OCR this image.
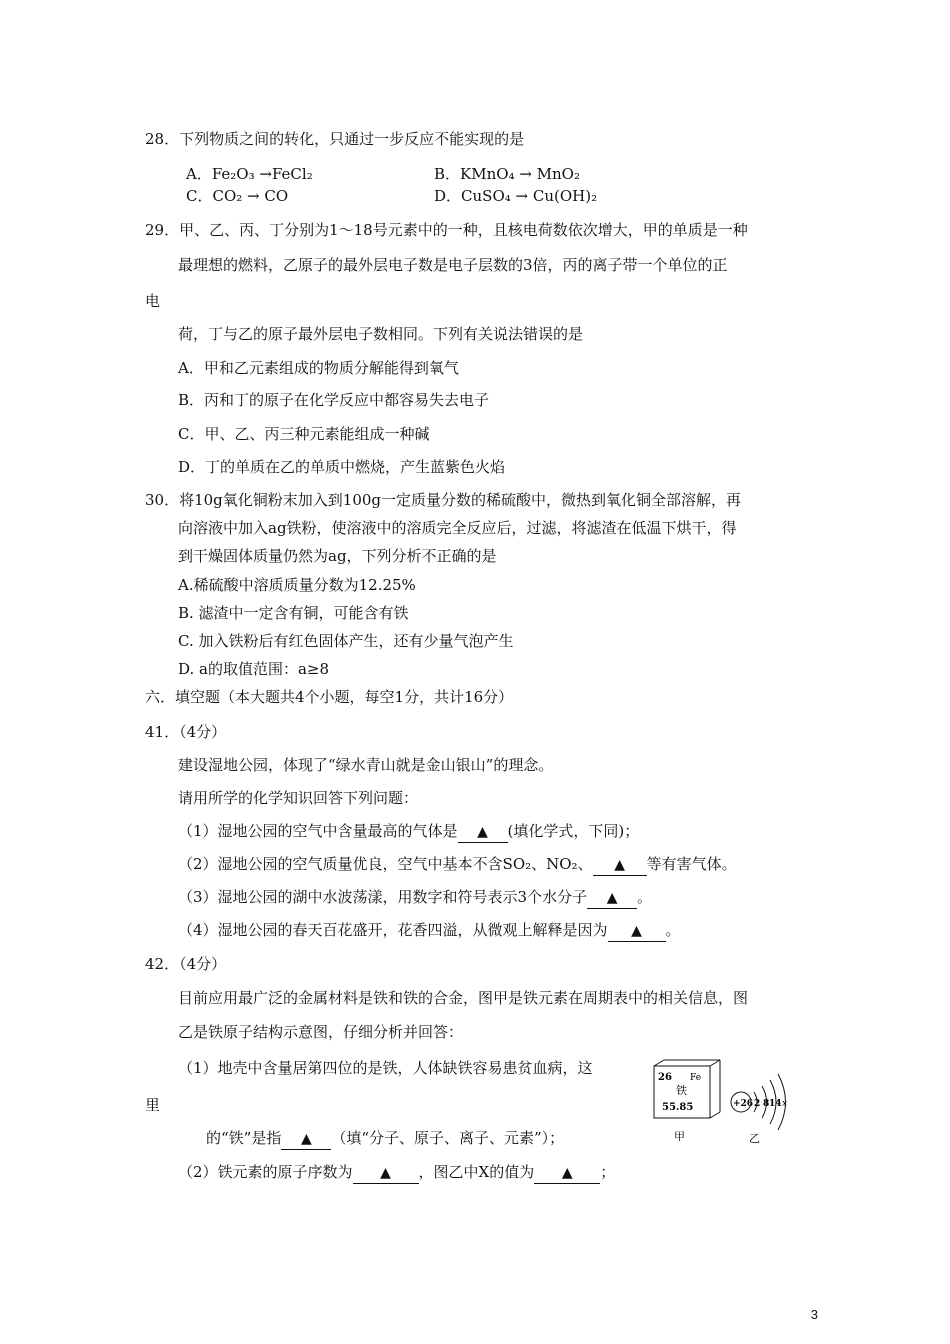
28．下列物质之间的转化，只通过一步反应不能实现的是
A．Fe₂O₃ →FeCl₂	B．KMnO₄ → MnO₂
C．CO₂ → CO	D．CuSO₄ → Cu(OH)₂
29．甲、乙、丙、丁分别为1～18号元素中的一种，且核电荷数依次增大，甲的单质是一种
最理想的燃料，乙原子的最外层电子数是电子层数的3倍，丙的离子带一个单位的正
电
荷，丁与乙的原子最外层电子数相同。下列有关说法错误的是
A．甲和乙元素组成的物质分解能得到氧气
B．丙和丁的原子在化学反应中都容易失去电子
C．甲、乙、丙三种元素能组成一种碱
D．丁的单质在乙的单质中燃烧，产生蓝紫色火焰
30．将10g氧化铜粉末加入到100g一定质量分数的稀硫酸中，微热到氧化铜全部溶解，再
向溶液中加入ag铁粉，使溶液中的溶质完全反应后，过滤，将滤渣在低温下烘干，得
到干燥固体质量仍然为ag，下列分析不正确的是
A.稀硫酸中溶质质量分数为12.25%
B. 滤渣中一定含有铜，可能含有铁
C. 加入铁粉后有红色固体产生，还有少量气泡产生
D. a的取值范围：a≥8
六．填空题（本大题共4个小题，每空1分，共计16分）
41．（4分）
建设湿地公园，体现了“绿水青山就是金山银山”的理念。
请用所学的化学知识回答下列问题：
（1）湿地公园的空气中含量最高的气体是 ▲ (填化学式，下同)；
（2）湿地公园的空气质量优良，空气中基本不含SO₂、NO₂、 ▲ 等有害气体。
（3）湿地公园的湖中水波荡漾，用数字和符号表示3个水分子 ▲ 。
（4）湿地公园的春天百花盛开，花香四溢，从微观上解释是因为 ▲ 。
42．（4分）
目前应用最广泛的金属材料是铁和铁的合金，图甲是铁元素在周期表中的相关信息，图
乙是铁原子结构示意图，仔细分析并回答：
（1）地壳中含量居第四位的是铁，人体缺铁容易患贫血病，这
里
的“铁”是指 ▲ （填“分子、原子、离子、元素”）；
（2）铁元素的原子序数为 ▲ ，图乙中X的值为 ▲ ；
26 Fe
铁
55.85
甲
+26 2 8 14 x
乙
3
